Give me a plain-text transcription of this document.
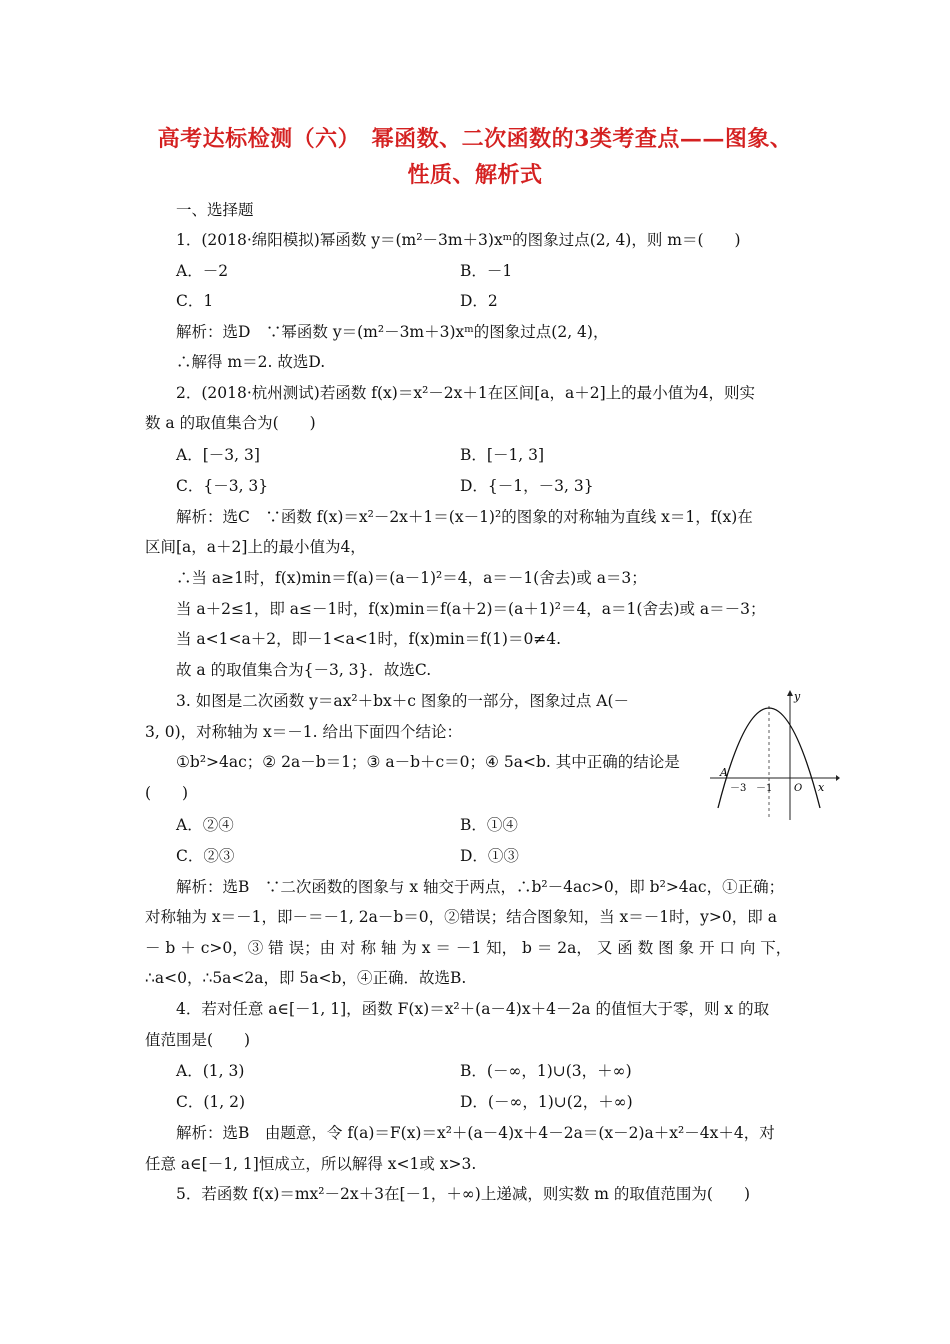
高考达标检测（六）　幂函数、二次函数的3类考查点——图象、
性质、解析式
一、选择题
1．(2018·绵阳模拟)幂函数 y＝(m²－3m＋3)xᵐ的图象过点(2, 4)，则 m＝(　　)
A．－2	B．－1
C．1	D．2
解析：选D　∵幂函数 y＝(m²－3m＋3)xᵐ的图象过点(2, 4)，
∴解得 m＝2. 故选D.
2．(2018·杭州测试)若函数 f(x)＝x²－2x＋1在区间[a，a＋2]上的最小值为4，则实
数 a 的取值集合为(　　)
A．[－3, 3]	B．[－1, 3]
C．{－3, 3}	D．{－1，－3, 3}
解析：选C　∵函数 f(x)＝x²－2x＋1＝(x－1)²的图象的对称轴为直线 x＝1，f(x)在
区间[a，a＋2]上的最小值为4，
∴当 a≥1时，f(x)min＝f(a)＝(a－1)²＝4，a＝－1(舍去)或 a＝3；
当 a＋2≤1，即 a≤－1时，f(x)min＝f(a＋2)＝(a＋1)²＝4，a＝1(舍去)或 a＝－3；
当 a<1<a＋2，即－1<a<1时，f(x)min＝f(1)＝0≠4.
故 a 的取值集合为{－3, 3}．故选C.
3. 如图是二次函数 y＝ax²＋bx＋c 图象的一部分，图象过点 A(－
3, 0)，对称轴为 x＝－1. 给出下面四个结论：
①b²>4ac；② 2a－b＝1；③ a－b＋c＝0；④ 5a<b. 其中正确的结论是
(　　)
y
x
A
－3 －1 O
A．②④	B．①④
C．②③	D．①③
解析：选B　∵二次函数的图象与 x 轴交于两点，∴b²－4ac>0，即 b²>4ac，①正确；
对称轴为 x＝－1，即－＝－1, 2a－b＝0，②错误；结合图象知，当 x＝－1时，y>0，即 a
－ b ＋ c>0，③ 错 误；由 对 称 轴 为 x ＝ －1 知， b ＝ 2a， 又 函 数 图 象 开 口 向 下，
∴a<0，∴5a<2a，即 5a<b，④正确．故选B.
4．若对任意 a∈[－1, 1]，函数 F(x)＝x²＋(a－4)x＋4－2a 的值恒大于零，则 x 的取
值范围是(　　)
A．(1, 3)	B．(－∞，1)∪(3，＋∞)
C．(1, 2)	D．(－∞，1)∪(2，＋∞)
解析：选B　由题意，令 f(a)＝F(x)＝x²＋(a－4)x＋4－2a＝(x－2)a＋x²－4x＋4，对
任意 a∈[－1, 1]恒成立，所以解得 x<1或 x>3.
5．若函数 f(x)＝mx²－2x＋3在[－1，＋∞)上递减，则实数 m 的取值范围为(　　)
